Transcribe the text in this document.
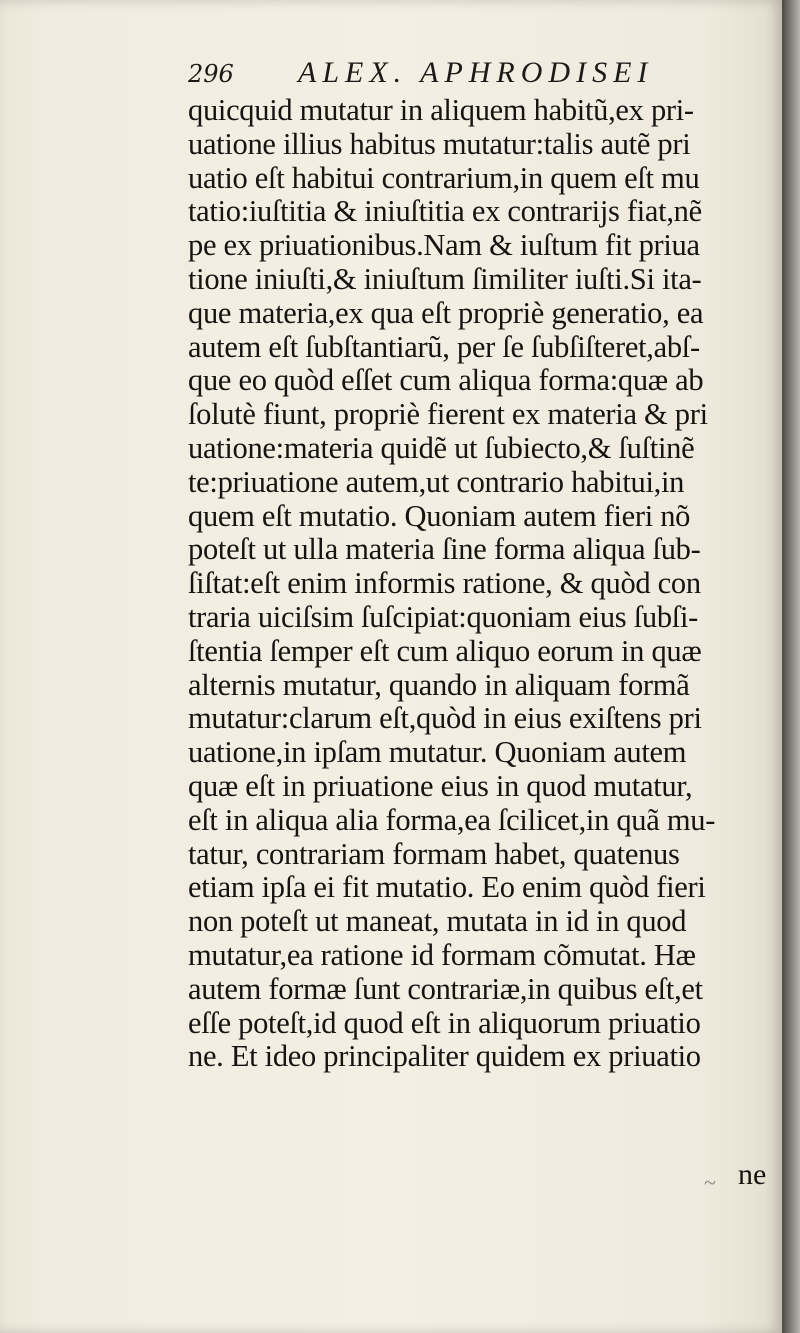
296 ALEX. APHRODISEI
quicquid mutatur in aliquem habitũ,ex pri-
uatione illius habitus mutatur:talis autẽ pri
uatio eſt habitui contrarium,in quem eſt mu
tatio:iuſtitia & iniuſtitia ex contrarijs fiat,nẽ
pe ex priuationibus.Nam & iuſtum fit priua
tione iniuſti,& iniuſtum ſimiliter iuſti.Si ita-
que materia,ex qua eſt propriè generatio, ea
autem eſt ſubſtantiarũ, per ſe ſubſiſteret,abſ-
que eo quòd eſſet cum aliqua forma:quæ ab
ſolutè fiunt, propriè fierent ex materia & pri
uatione:materia quidẽ ut ſubiecto,& ſuſtinẽ
te:priuatione autem,ut contrario habitui,in
quem eſt mutatio. Quoniam autem fieri nõ
poteſt ut ulla materia ſine forma aliqua ſub-
ſiſtat:eſt enim informis ratione, & quòd con
traria uiciſsim ſuſcipiat:quoniam eius ſubſi-
ſtentia ſemper eſt cum aliquo eorum in quæ
alternis mutatur, quando in aliquam formã
mutatur:clarum eſt,quòd in eius exiſtens pri
uatione,in ipſam mutatur. Quoniam autem
quæ eſt in priuatione eius in quod mutatur,
eſt in aliqua alia forma,ea ſcilicet,in quã mu-
tatur, contrariam formam habet, quatenus
etiam ipſa ei fit mutatio. Eo enim quòd fieri
non poteſt ut maneat, mutata in id in quod
mutatur,ea ratione id formam cõmutat. Hæ
autem formæ ſunt contrariæ,in quibus eſt,et
eſſe poteſt,id quod eſt in aliquorum priuatio
ne. Et ideo principaliter quidem ex priuatio
~ ne
